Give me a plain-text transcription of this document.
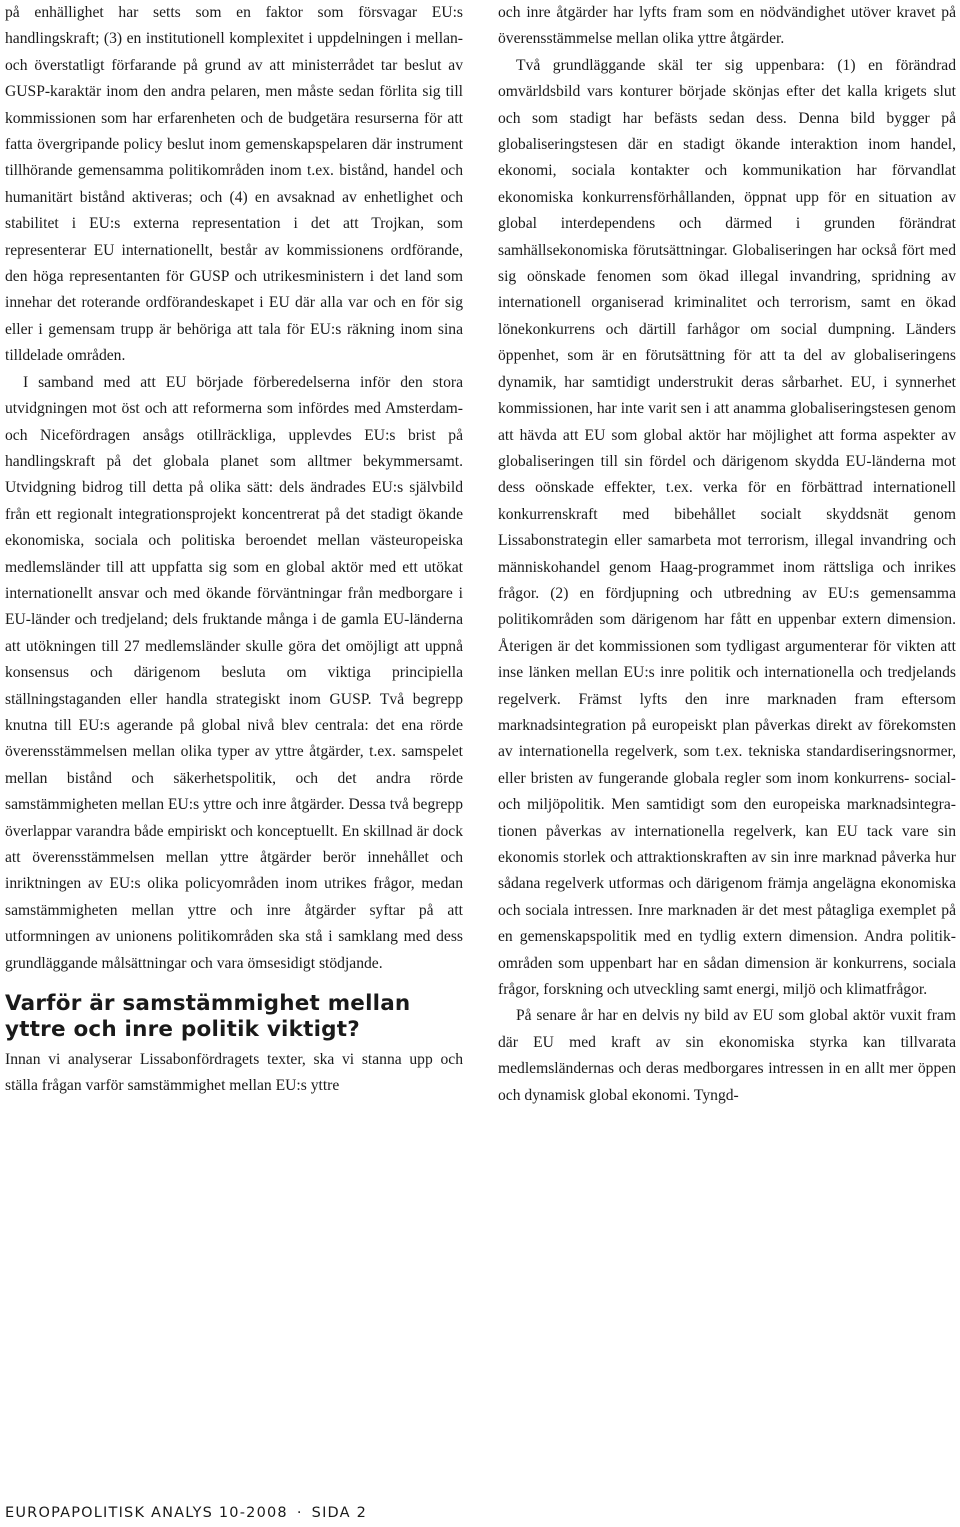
på enhällighet har setts som en faktor som försvagar EU:s handlingskraft; (3) en institutionell komplexitet i uppdelningen i mellan- och överstatligt förfarande på grund av att ministerrådet tar beslut av GUSP-karaktär inom den andra pelaren, men måste sedan förlita sig till kommissionen som har erfarenheten och de budgetära resurserna för att fatta övergripande policy beslut inom gemenskapspelaren där instrument tillhörande gemensamma politikområden inom t.ex. bistånd, handel och humanitärt bistånd aktiveras; och (4) en avsaknad av enhetlighet och stabilitet i EU:s externa representation i det att Trojkan, som representerar EU internationellt, består av kommissionens ordförande, den höga representanten för GUSP och utrikesministern i det land som innehar det roterande ordförandeskapet i EU där alla var och en för sig eller i gemensam trupp är behöriga att tala för EU:s räkning inom sina tilldelade områden.

I samband med att EU började förberedelserna inför den stora utvidgningen mot öst och att reformerna som infördes med Amsterdam- och Nicefördragen ansågs otillräckliga, upplevdes EU:s brist på handlingskraft på det globala planet som alltmer bekymmersamt. Utvidgning bidrog till detta på olika sätt: dels ändrades EU:s självbild från ett regionalt integrationsprojekt koncentrerat på det stadigt ökande ekonomiska, sociala och politiska beroendet mellan västeuropeiska medlemsländer till att uppfatta sig som en global aktör med ett utökat internationellt ansvar och med ökande förväntningar från medborgare i EU-länder och tredjeland; dels fruktande många i de gamla EU-länderna att utökningen till 27 medlemsländer skulle göra det omöjligt att uppnå konsensus och därigenom besluta om viktiga principiella ställningstaganden eller handla strategiskt inom GUSP. Två begrepp knutna till EU:s agerande på global nivå blev centrala: det ena rörde överensstämmelsen mellan olika typer av yttre åtgärder, t.ex. samspelet mellan bistånd och säkerhetspolitik, och det andra rörde samstämmigheten mellan EU:s yttre och inre åtgärder. Dessa två begrepp överlappar varandra både empiriskt och konceptuellt. En skillnad är dock att överensstämmelsen mellan yttre åtgärder berör innehållet och inriktningen av EU:s olika policyområden inom utrikes frågor, medan samstämmigheten mellan yttre och inre åtgärder syftar på att utformningen av unionens politikområden ska stå i samklang med dess grundläggande målsättningar och vara ömsesidigt stödjande.

Varför är samstämmighet mellan
yttre och inre politik viktigt?

Innan vi analyserar Lissabonfördragets texter, ska vi stanna upp och ställa frågan varför samstämmighet mellan EU:s yttre

och inre åtgärder har lyfts fram som en nödvändighet utöver kravet på överensstämmelse mellan olika yttre åtgärder.

Två grundläggande skäl ter sig uppenbara: (1) en förändrad omvärldsbild vars konturer började skönjas efter det kalla krigets slut och som stadigt har befästs sedan dess. Denna bild bygger på globaliseringstesen där en stadigt ökande interaktion inom handel, ekonomi, sociala kontakter och kommunikation har förvandlat ekonomiska konkurrensförhållanden, öppnat upp för en situation av global interdependens och därmed i grunden förändrat samhällsekonomiska förutsättningar. Globaliseringen har också fört med sig oönskade fenomen som ökad illegal invandring, spridning av internationell organiserad kriminalitet och terrorism, samt en ökad lönekonkurrens och därtill farhågor om social dumpning. Länders öppenhet, som är en förutsättning för att ta del av globaliseringens dynamik, har samtidigt understrukit deras sårbarhet. EU, i synnerhet kommissionen, har inte varit sen i att anamma globaliseringstesen genom att hävda att EU som global aktör har möjlighet att forma aspekter av globaliseringen till sin fördel och därigenom skydda EU-länderna mot dess oönskade effekter, t.ex. verka för en förbättrad internationell konkurrenskraft med bibehållet socialt skyddsnät genom Lissabonstrategin eller samarbeta mot terrorism, illegal invandring och människohandel genom Haag-programmet inom rättsliga och inrikes frågor. (2) en fördjupning och utbredning av EU:s gemensamma politikområden som därigenom har fått en uppenbar extern dimension. Återigen är det kommissionen som tydligast argumenterar för vikten att inse länken mellan EU:s inre politik och internationella och tredjelands regelverk. Främst lyfts den inre marknaden fram eftersom marknadsintegration på europeiskt plan påverkas direkt av förekomsten av internationella regelverk, som t.ex. tekniska standardiseringsnormer, eller bristen av fungerande globala regler som inom konkurrens- social- och miljöpolitik. Men samtidigt som den europeiska marknadsintegrationen påverkas av internationella regelverk, kan EU tack vare sin ekonomis storlek och attraktionskraften av sin inre marknad påverka hur sådana regelverk utformas och därigenom främja angelägna ekonomiska och sociala intressen. Inre marknaden är det mest påtagliga exemplet på en gemenskapspolitik med en tydlig extern dimension. Andra politikområden som uppenbart har en sådan dimension är konkurrens, sociala frågor, forskning och utveckling samt energi, miljö och klimatfrågor.

På senare år har en delvis ny bild av EU som global aktör vuxit fram där EU med kraft av sin ekonomiska styrka kan tillvarata medlemsländernas och deras medborgares intressen in en allt mer öppen och dynamisk global ekonomi. Tyngd-

EUROPAPOLITISK ANALYS 10-2008 · SIDA 2
